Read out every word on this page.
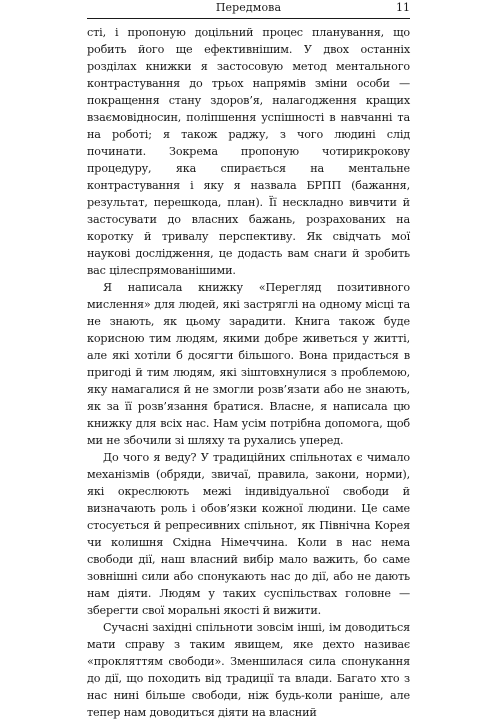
Передмова	11

сті, і пропоную доцільний процес планування, що робить його ще ефективнішим. У двох останніх розділах книжки я застосовую метод ментального контрастування до трьох напрямів зміни особи — покращення стану здоров’я, налагодження кращих взаємовідносин, поліпшення успішності в навчанні та на роботі; я також раджу, з чого людині слід починати. Зокрема пропоную чотирикрокову процедуру, яка спирається на ментальне контрастування і яку я назвала БРПП (бажання, результат, перешкода, план). Її нескладно вивчити й застосувати до власних бажань, розрахованих на коротку й тривалу перспективу. Як свідчать мої наукові дослідження, це додасть вам снаги й зробить вас цілеспрямованішими.

Я написала книжку «Перегляд позитивного мислення» для людей, які застряглі на одному місці та не знають, як цьому зарадити. Книга також буде корисною тим людям, якими добре живеться у житті, але які хотіли б досягти більшого. Вона придасться в пригоді й тим людям, які зіштовхнулися з проблемою, яку намагалися й не змогли розв’язати або не знають, як за її розв’язання братися. Власне, я написала цю книжку для всіх нас. Нам усім потрібна допомога, щоб ми не збочили зі шляху та рухались уперед.

До чого я веду? У традиційних спільнотах є чимало механізмів (обряди, звичаї, правила, закони, норми), які окреслюють межі індивідуальної свободи й визначають роль і обов’язки кожної людини. Це саме стосується й репресивних спільнот, як Північна Корея чи колишня Східна Німеччина. Коли в нас нема свободи дії, наш власний вибір мало важить, бо саме зовнішні сили або спонукають нас до дії, або не дають нам діяти. Людям у таких суспільствах головне — зберегти свої моральні якості й вижити.

Сучасні західні спільноти зовсім інші, ім доводиться мати справу з таким явищем, яке дехто називає «прокляттям свободи». Зменшилася сила спонукання до дії, що походить від традиції та влади. Багато хто з нас нині більше свободи, ніж будь-коли раніше, але тепер нам доводиться діяти на власний
